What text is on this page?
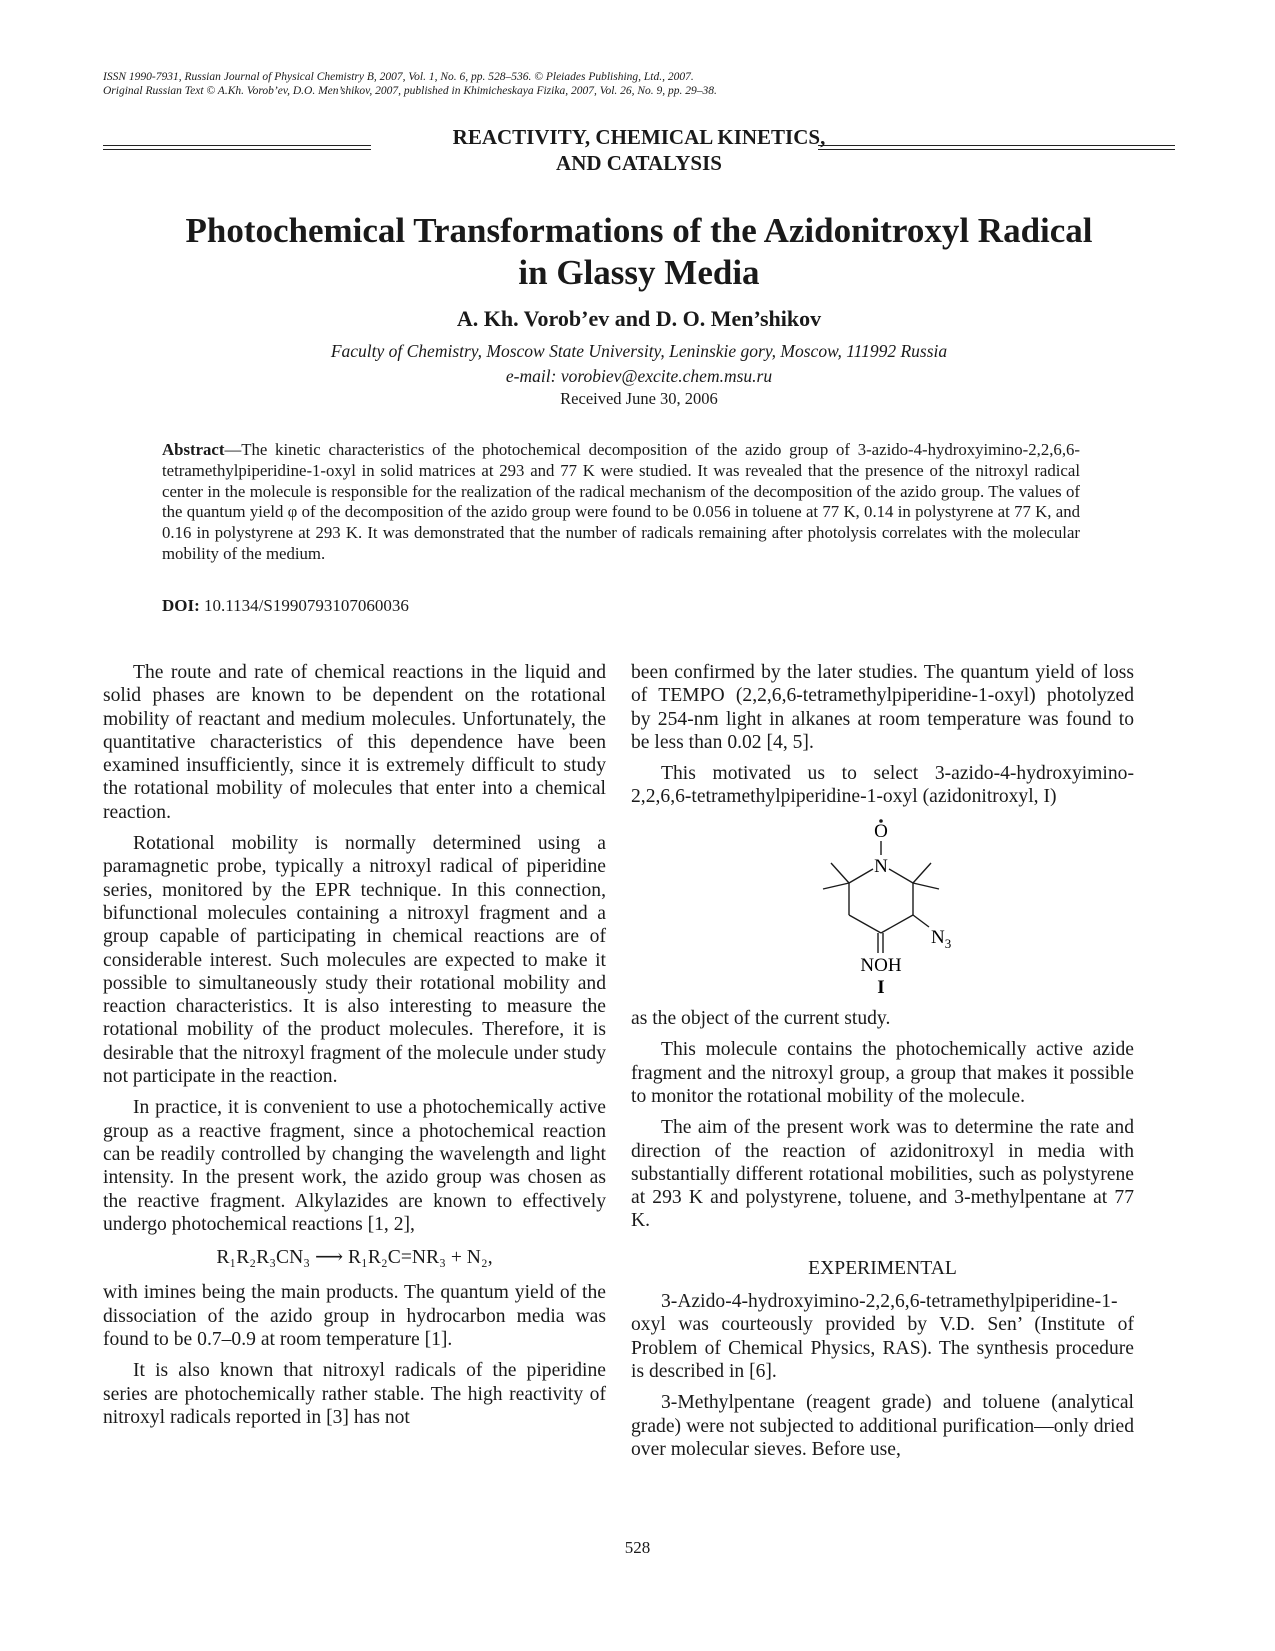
ISSN 1990-7931, Russian Journal of Physical Chemistry B, 2007, Vol. 1, No. 6, pp. 528–536. © Pleiades Publishing, Ltd., 2007.
Original Russian Text © A.Kh. Vorob’ev, D.O. Men’shikov, 2007, published in Khimicheskaya Fizika, 2007, Vol. 26, No. 9, pp. 29–38.
REACTIVITY, CHEMICAL KINETICS,
AND CATALYSIS
Photochemical Transformations of the Azidonitroxyl Radical
in Glassy Media
A. Kh. Vorob’ev and D. O. Men’shikov
Faculty of Chemistry, Moscow State University, Leninskie gory, Moscow, 111992 Russia
e-mail: vorobiev@excite.chem.msu.ru
Received June 30, 2006
Abstract—The kinetic characteristics of the photochemical decomposition of the azido group of 3-azido-4-hydroxyimino-2,2,6,6-tetramethylpiperidine-1-oxyl in solid matrices at 293 and 77 K were studied. It was revealed that the presence of the nitroxyl radical center in the molecule is responsible for the realization of the radical mechanism of the decomposition of the azido group. The values of the quantum yield φ of the decomposition of the azido group were found to be 0.056 in toluene at 77 K, 0.14 in polystyrene at 77 K, and 0.16 in polystyrene at 293 K. It was demonstrated that the number of radicals remaining after photolysis correlates with the molecular mobility of the medium.
DOI: 10.1134/S1990793107060036

The route and rate of chemical reactions in the liquid and solid phases are known to be dependent on the rotational mobility of reactant and medium molecules. Unfortunately, the quantitative characteristics of this dependence have been examined insufficiently, since it is extremely difficult to study the rotational mobility of molecules that enter into a chemical reaction.

Rotational mobility is normally determined using a paramagnetic probe, typically a nitroxyl radical of piperidine series, monitored by the EPR technique. In this connection, bifunctional molecules containing a nitroxyl fragment and a group capable of participating in chemical reactions are of considerable interest. Such molecules are expected to make it possible to simultaneously study their rotational mobility and reaction characteristics. It is also interesting to measure the rotational mobility of the product molecules. Therefore, it is desirable that the nitroxyl fragment of the molecule under study not participate in the reaction.

In practice, it is convenient to use a photochemically active group as a reactive fragment, since a photochemical reaction can be readily controlled by changing the wavelength and light intensity. In the present work, the azido group was chosen as the reactive fragment. Alkylazides are known to effectively undergo photochemical reactions [1, 2],

R₁R₂R₃CN₃ ⟶ R₁R₂C=NR₃ + N₂,

with imines being the main products. The quantum yield of the dissociation of the azido group in hydrocarbon media was found to be 0.7–0.9 at room temperature [1].

It is also known that nitroxyl radicals of the piperidine series are photochemically rather stable. The high reactivity of nitroxyl radicals reported in [3] has not

been confirmed by the later studies. The quantum yield of loss of TEMPO (2,2,6,6-tetramethylpiperidine-1-oxyl) photolyzed by 254-nm light in alkanes at room temperature was found to be less than 0.02 [4, 5].

This motivated us to select 3-azido-4-hydroxyimino-2,2,6,6-tetramethylpiperidine-1-oxyl (azidonitroxyl, I)

O
N
$N_3$
NOH
I

as the object of the current study.

This molecule contains the photochemically active azide fragment and the nitroxyl group, a group that makes it possible to monitor the rotational mobility of the molecule.

The aim of the present work was to determine the rate and direction of the reaction of azidonitroxyl in media with substantially different rotational mobilities, such as polystyrene at 293 K and polystyrene, toluene, and 3-methylpentane at 77 K.

EXPERIMENTAL

3-Azido-4-hydroxyimino-2,2,6,6-tetramethylpiperidine-1-oxyl was courteously provided by V.D. Sen’ (Institute of Problem of Chemical Physics, RAS). The synthesis procedure is described in [6].

3-Methylpentane (reagent grade) and toluene (analytical grade) were not subjected to additional purification—only dried over molecular sieves. Before use,

528
